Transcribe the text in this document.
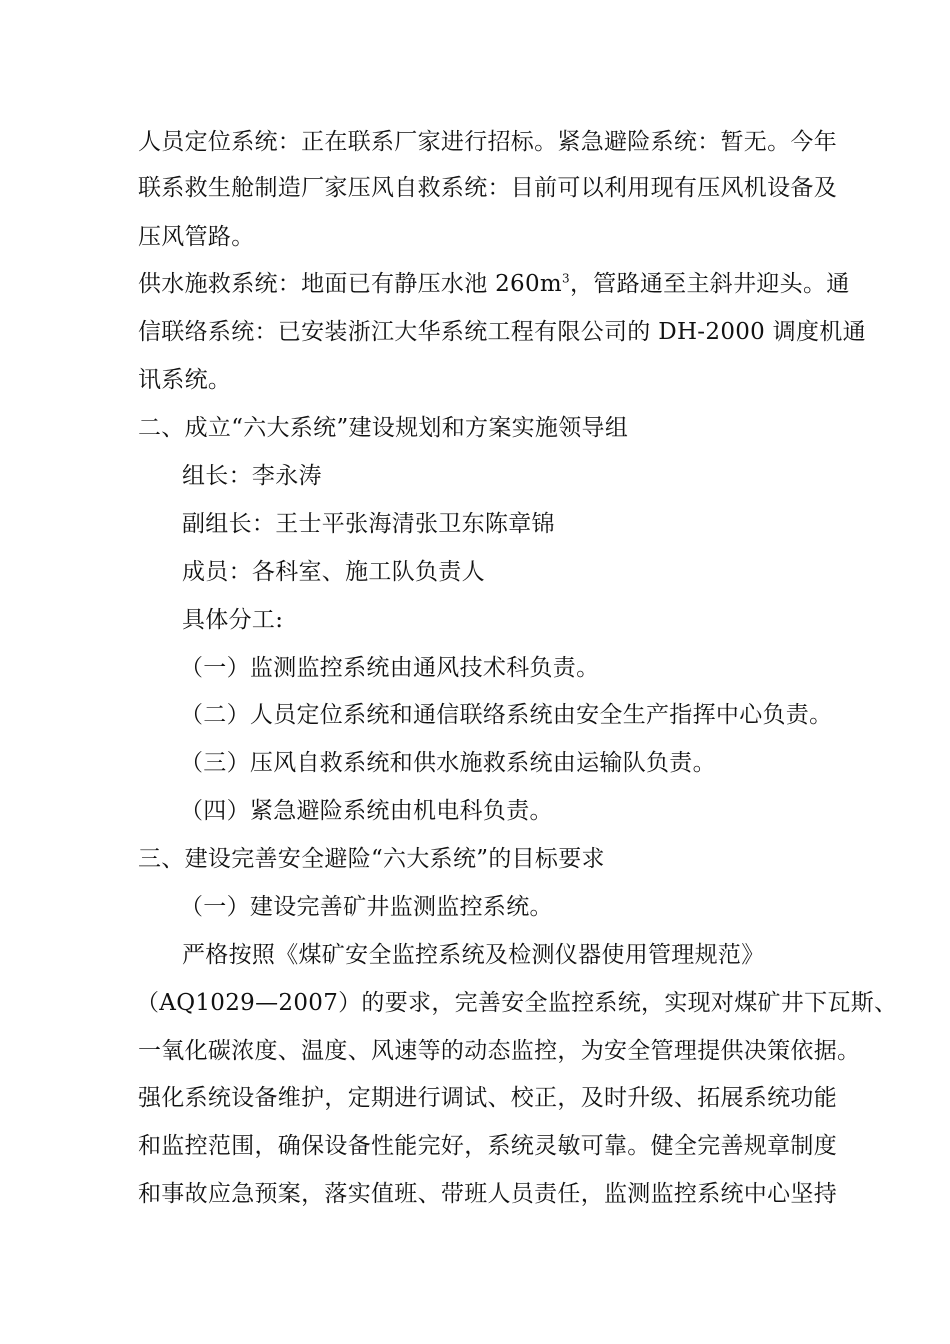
人员定位系统：正在联系厂家进行招标。紧急避险系统：暂无。今年
联系救生舱制造厂家压风自救系统：目前可以利用现有压风机设备及
压风管路。
供水施救系统：地面已有静压水池 $260m^3$，管路通至主斜井迎头。通
信联络系统：已安装浙江大华系统工程有限公司的 DH-2000 调度机通
讯系统。
二、成立“六大系统”建设规划和方案实施领导组
组长：李永涛
副组长：王士平张海清张卫东陈章锦
成员：各科室、施工队负责人
具体分工:
（一）监测监控系统由通风技术科负责。
（二）人员定位系统和通信联络系统由安全生产指挥中心负责。
（三）压风自救系统和供水施救系统由运输队负责。
（四）紧急避险系统由机电科负责。
三、建设完善安全避险“六大系统”的目标要求
（一）建设完善矿井监测监控系统。
严格按照《煤矿安全监控系统及检测仪器使用管理规范》
（AQ1029—2007）的要求，完善安全监控系统，实现对煤矿井下瓦斯、
一氧化碳浓度、温度、风速等的动态监控，为安全管理提供决策依据。
强化系统设备维护，定期进行调试、校正，及时升级、拓展系统功能
和监控范围，确保设备性能完好，系统灵敏可靠。健全完善规章制度
和事故应急预案，落实值班、带班人员责任，监测监控系统中心坚持
